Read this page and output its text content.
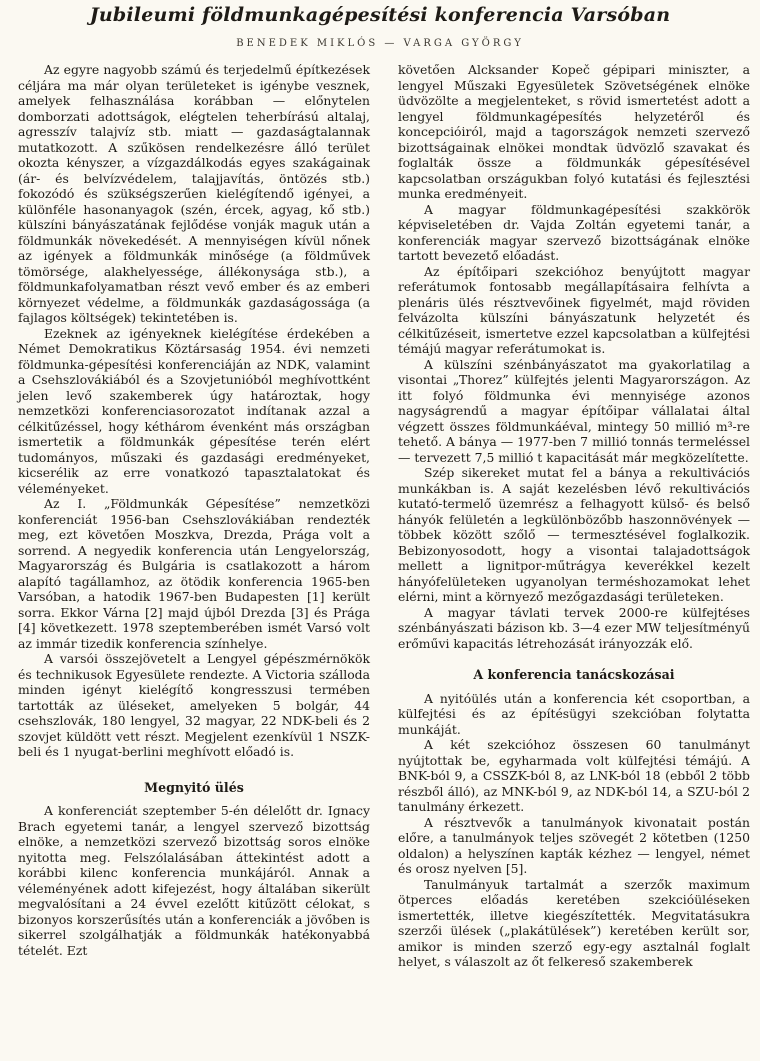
Jubileumi földmunkagépesítési konferencia Varsóban
BENEDEK MIKLÓS — VARGA GYÖRGY

Az egyre nagyobb számú és terjedelmű építkezések céljára ma már olyan területeket is igénybe vesznek, amelyek felhasználása korábban — előnytelen domborzati adottságok, elégtelen teherbírású altalaj, agresszív talajvíz stb. miatt — gazdaságtalannak mutatkozott. A szűkösen rendelkezésre álló terület okozta kényszer, a vízgazdálkodás egyes szakágainak (ár- és belvízvédelem, talajjavítás, öntözés stb.) fokozódó és szükségszerűen kielégítendő igényei, a különféle hasonanyagok (szén, ércek, agyag, kő stb.) külszíni bányászatának fejlődése vonják maguk után a földmunkák növekedését. A mennyiségen kívül nőnek az igények a földmunkák minősége (a földművek tömörsége, alakhelyessége, állékonysága stb.), a földmunkafolyamatban részt vevő ember és az emberi környezet védelme, a földmunkák gazdaságossága (a fajlagos költségek) tekintetében is.

Ezeknek az igényeknek kielégítése érdekében a Német Demokratikus Köztársaság 1954. évi nemzeti földmunka-gépesítési konferenciáján az NDK, valamint a Csehszlovákiából és a Szovjetunióból meghívottként jelen levő szakemberek úgy határoztak, hogy nemzetközi konferenciasorozatot indítanak azzal a célkitűzéssel, hogy kéthárom évenként más országban ismertetik a földmunkák gépesítése terén elért tudományos, műszaki és gazdasági eredményeket, kicserélik az erre vonatkozó tapasztalatokat és véleményeket.

Az I. „Földmunkák Gépesítése” nemzetközi konferenciát 1956-ban Csehszlovákiában rendezték meg, ezt követően Moszkva, Drezda, Prága volt a sorrend. A negyedik konferencia után Lengyelország, Magyarország és Bulgária is csatlakozott a három alapító tagállamhoz, az ötödik konferencia 1965-ben Varsóban, a hatodik 1967-ben Budapesten [1] került sorra. Ekkor Várna [2] majd újból Drezda [3] és Prága [4] következett. 1978 szeptemberében ismét Varsó volt az immár tizedik konferencia színhelye.

A varsói összejövetelt a Lengyel gépészmérnökök és technikusok Egyesülete rendezte. A Victoria szálloda minden igényt kielégítő kongresszusi termében tartották az üléseket, amelyeken 5 bolgár, 44 csehszlovák, 180 lengyel, 32 magyar, 22 NDK-beli és 2 szovjet küldött vett részt. Megjelent ezenkívül 1 NSZK-beli és 1 nyugat-berlini meghívott előadó is.

Megnyitó ülés

A konferenciát szeptember 5-én délelőtt dr. Ignacy Brach egyetemi tanár, a lengyel szervező bizottság elnöke, a nemzetközi szervező bizottság soros elnöke nyitotta meg. Felszólalásában áttekintést adott a korábbi kilenc konferencia munkájáról. Annak a véleményének adott kifejezést, hogy általában sikerült megvalósítani a 24 évvel ezelőtt kitűzött célokat, s bizonyos korszerűsítés után a konferenciák a jövőben is sikerrel szolgálhatják a földmunkák hatékonyabbá tételét. Ezt

követően Alcksander Kopeč gépipari miniszter, a lengyel Műszaki Egyesületek Szövetségének elnöke üdvözölte a megjelenteket, s rövid ismertetést adott a lengyel földmunkagépesítés helyzetéről és koncepcióiról, majd a tagországok nemzeti szervező bizottságainak elnökei mondtak üdvözlő szavakat és foglalták össze a földmunkák gépesítésével kapcsolatban országukban folyó kutatási és fejlesztési munka eredményeit.

A magyar földmunkagépesítési szakkörök képviseletében dr. Vajda Zoltán egyetemi tanár, a konferenciák magyar szervező bizottságának elnöke tartott bevezető előadást.

Az építőipari szekcióhoz benyújtott magyar referátumok fontosabb megállapításaira felhívta a plenáris ülés résztvevőinek figyelmét, majd röviden felvázolta külszíni bányászatunk helyzetét és célkitűzéseit, ismertetve ezzel kapcsolatban a külfejtési témájú magyar referátumokat is.

A külszíni szénbányászatot ma gyakorlatilag a visontai „Thorez” külfejtés jelenti Magyarországon. Az itt folyó földmunka évi mennyisége azonos nagyságrendű a magyar építőipar vállalatai által végzett összes földmunkáéval, mintegy 50 millió m³-re tehető. A bánya — 1977-ben 7 millió tonnás termeléssel — tervezett 7,5 millió t kapacitását már megközelítette.

Szép sikereket mutat fel a bánya a rekultivációs munkákban is. A saját kezelésben lévő rekultivációs kutató-termelő üzemrész a felhagyott külső- és belső hányók felületén a legkülönbözőbb haszonnövények — többek között szőlő — termesztésével foglalkozik. Bebizonyosodott, hogy a visontai talajadottságok mellett a lignitpor-műtrágya keverékkel kezelt hányófelületeken ugyanolyan terméshozamokat lehet elérni, mint a környező mezőgazdasági területeken.

A magyar távlati tervek 2000-re külfejtéses szénbányászati bázison kb. 3—4 ezer MW teljesítményű erőművi kapacitás létrehozását irányozzák elő.

A konferencia tanácskozásai

A nyitóülés után a konferencia két csoportban, a külfejtési és az építésügyi szekcióban folytatta munkáját.

A két szekcióhoz összesen 60 tanulmányt nyújtottak be, egyharmada volt külfejtési témájú. A BNK-ból 9, a CSSZK-ból 8, az LNK-ból 18 (ebből 2 több részből álló), az MNK-ból 9, az NDK-ból 14, a SZU-ból 2 tanulmány érkezett.

A résztvevők a tanulmányok kivonatait postán előre, a tanulmányok teljes szövegét 2 kötetben (1250 oldalon) a helyszínen kapták kézhez — lengyel, német és orosz nyelven [5].

Tanulmányuk tartalmát a szerzők maximum ötperces előadás keretében szekcióüléseken ismertették, illetve kiegészítették. Megvitatásukra szerzői ülések („plakátülések”) keretében került sor, amikor is minden szerző egy-egy asztalnál foglalt helyet, s válaszolt az őt felkereső szakemberek
